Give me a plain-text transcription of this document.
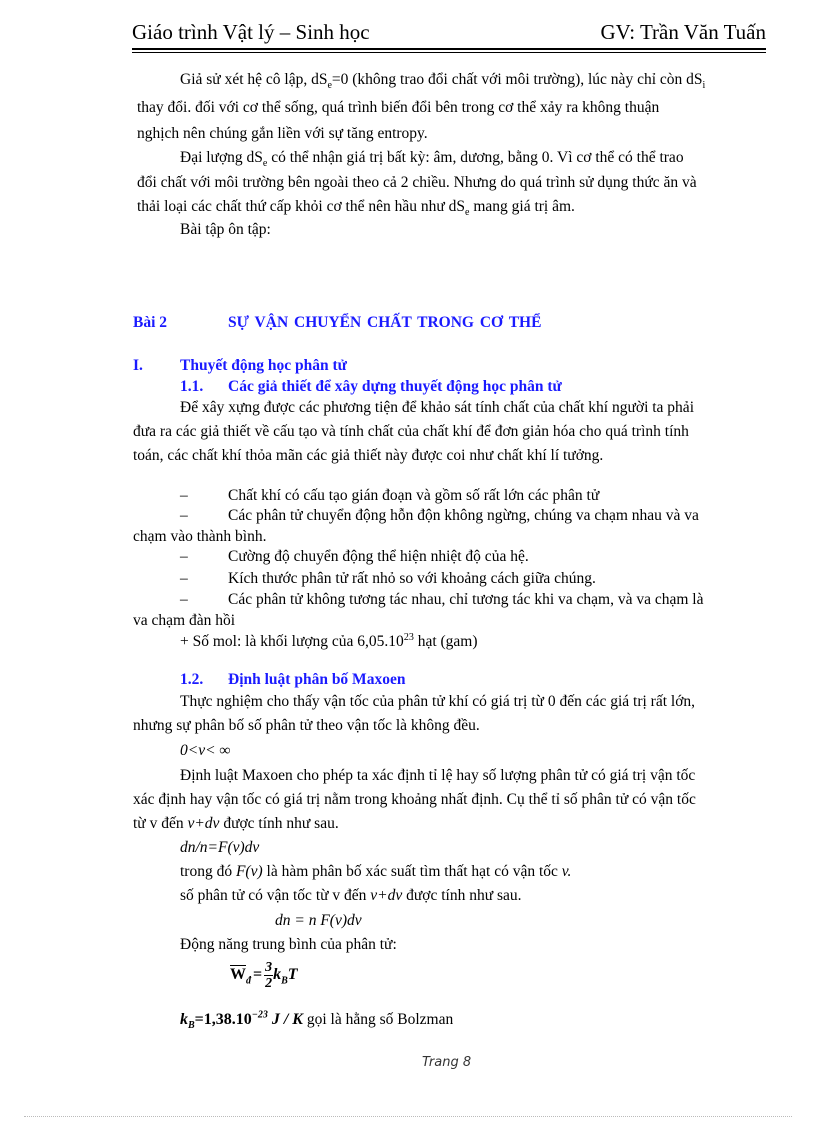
Giáo trình Vật lý – Sinh học	GV: Trần Văn Tuấn
Giả sử xét hệ cô lập, $dS_e=0$ (không trao đổi chất với môi trường), lúc này chỉ còn $dS_i$
thay đổi. đối với cơ thể sống, quá trình biến đổi bên trong cơ thể xảy ra không thuận
nghịch nên chúng gắn liền với sự tăng entropy.
Đại lượng $dS_e$ có thể nhận giá trị bất kỳ: âm, dương, bằng 0. Vì cơ thể có thể trao
đổi chất với môi trường bên ngoài theo cả 2 chiều. Nhưng do quá trình sử dụng thức ăn và
thải loại các chất thứ cấp khỏi cơ thể nên hầu như $dS_e$ mang giá trị âm.
Bài tập ôn tập:
Bài 2	SỰ VẬN CHUYỂN CHẤT TRONG CƠ THỂ
I. Thuyết động học phân tử
1.1. Các giả thiết để xây dựng thuyết động học phân tử
Để xây xựng được các phương tiện để khảo sát tính chất của chất khí người ta phải
đưa ra các giả thiết về cấu tạo và tính chất của chất khí để đơn giản hóa cho quá trình tính
toán, các chất khí thỏa mãn các giả thiết này được coi như chất khí lí tưởng.
–	Chất khí có cấu tạo gián đoạn và gồm số rất lớn các phân tử
–	Các phân tử chuyển động hỗn độn không ngừng, chúng va chạm nhau và va
chạm vào thành bình.
–	Cường độ chuyển động thể hiện nhiệt độ của hệ.
–	Kích thước phân tử rất nhỏ so với khoảng cách giữa chúng.
–	Các phân tử không tương tác nhau, chỉ tương tác khi va chạm, và va chạm là
va chạm đàn hồi
+ Số mol: là khối lượng của 6,05.10$^{23}$ hạt (gam)
1.2. Định luật phân bố Maxoen
Thực nghiệm cho thấy vận tốc của phân tử khí có giá trị từ 0 đến các giá trị rất lớn,
nhưng sự phân bố số phân tử theo vận tốc là không đều.
0<v< ∞
Định luật Maxoen cho phép ta xác định tỉ lệ hay số lượng phân tử có giá trị vận tốc
xác định hay vận tốc có giá trị nằm trong khoảng nhất định. Cụ thể tỉ số phân tử có vận tốc
từ v đến v+dv được tính như sau.
dn/n=F(v)dv
trong đó F(v) là hàm phân bố xác suất tìm thất hạt có vận tốc v.
số phân tử có vận tốc từ v đến v+dv được tính như sau.
dn = n F(v)dv
Động năng trung bình của phân tử:
$\overline{W}_đ = \frac{3}{2} k_BT$
$k_B=1,38.10^{-23}$ J / K gọi là hằng số Bolzman
Trang 8
